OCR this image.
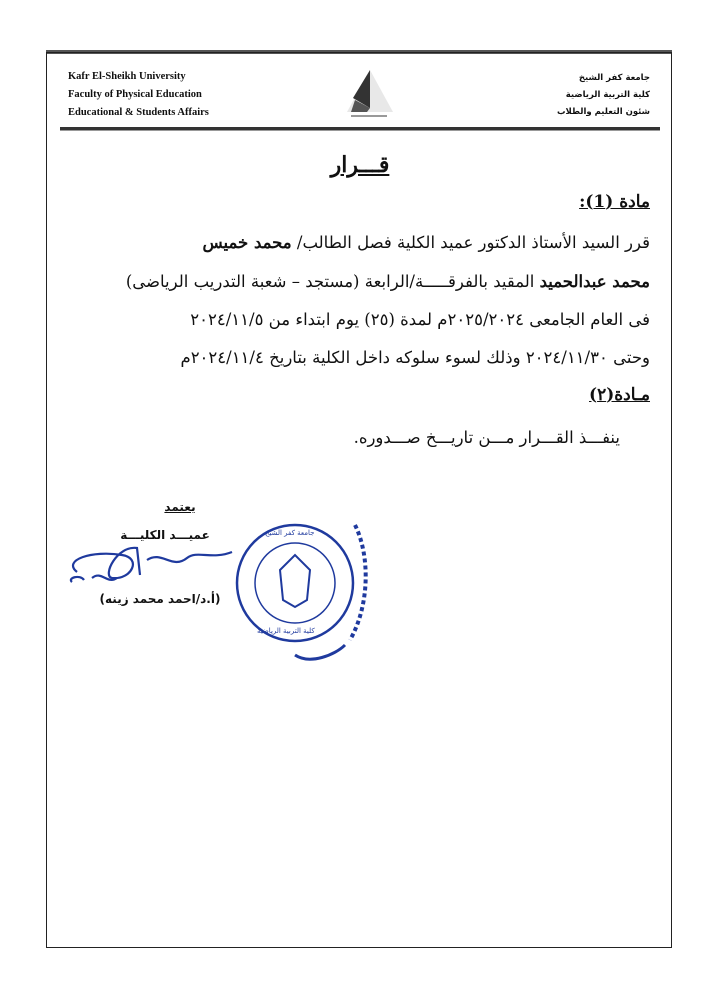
Kafr El-Sheikh University
Faculty of Physical Education
Educational & Students Affairs
جامعة كفر الشيخ
كلية التربية الرياضية
شئون التعليم والطلاب
قـــرار
مادة (1):
قرر السيد الأستاذ الدكتور عميد الكلية فصل الطالب/ محمد خميس
محمد عبدالحميد المقيد بالفرقـــــة/الرابعة (مستجد – شعبة التدريب الرياضى)
فى العام الجامعى ٢٠٢٥/٢٠٢٤م لمدة (٢٥) يوم ابتداء من ٢٠٢٤/١١/٥
وحتى ٢٠٢٤/١١/٣٠ وذلك لسوء سلوكه داخل الكلية بتاريخ ٢٠٢٤/١١/٤م
مـادة(٢)
ينفـــذ القـــرار مـــن تاريـــخ صـــدوره.
يعتمد
عميـــد الكليـــة
(أ.د/احمد محمد زينه)
جامعة كفر الشيخ
كلية التربية الرياضية
